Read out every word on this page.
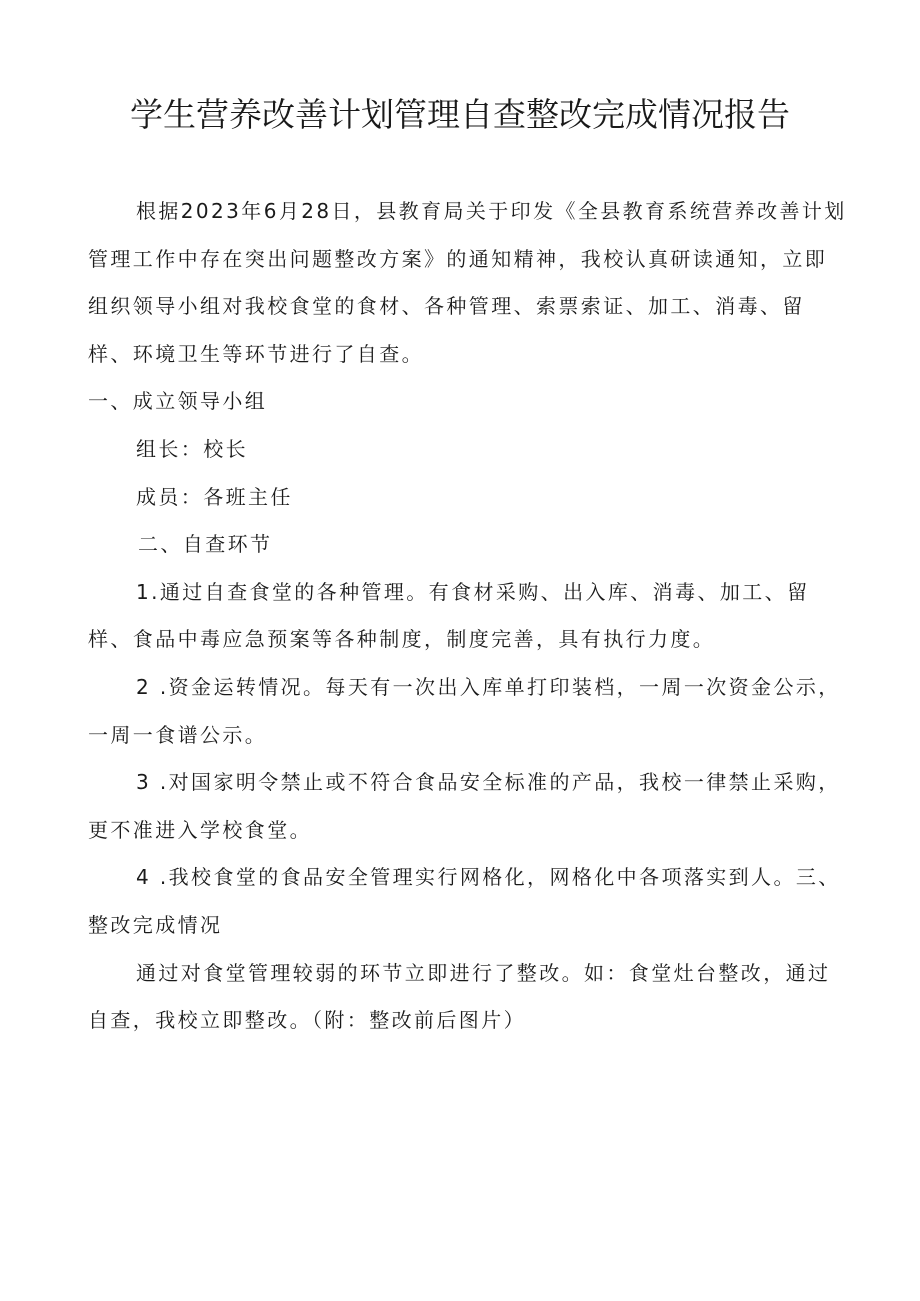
学生营养改善计划管理自查整改完成情况报告

根据2023年6月28日，县教育局关于印发《全县教育系统营养改善计划管理工作中存在突出问题整改方案》的通知精神，我校认真研读通知，立即组织领导小组对我校食堂的食材、各种管理、索票索证、加工、消毒、留样、环境卫生等环节进行了自查。

一、成立领导小组

组长：校长

成员：各班主任

二、自查环节

1.通过自查食堂的各种管理。有食材采购、出入库、消毒、加工、留样、食品中毒应急预案等各种制度，制度完善，具有执行力度。

2 .资金运转情况。每天有一次出入库单打印装档，一周一次资金公示，一周一食谱公示。

3 .对国家明令禁止或不符合食品安全标准的产品，我校一律禁止采购，更不准进入学校食堂。

4 .我校食堂的食品安全管理实行网格化，网格化中各项落实到人。三、整改完成情况

通过对食堂管理较弱的环节立即进行了整改。如：食堂灶台整改，通过自查，我校立即整改。（附：整改前后图片）
